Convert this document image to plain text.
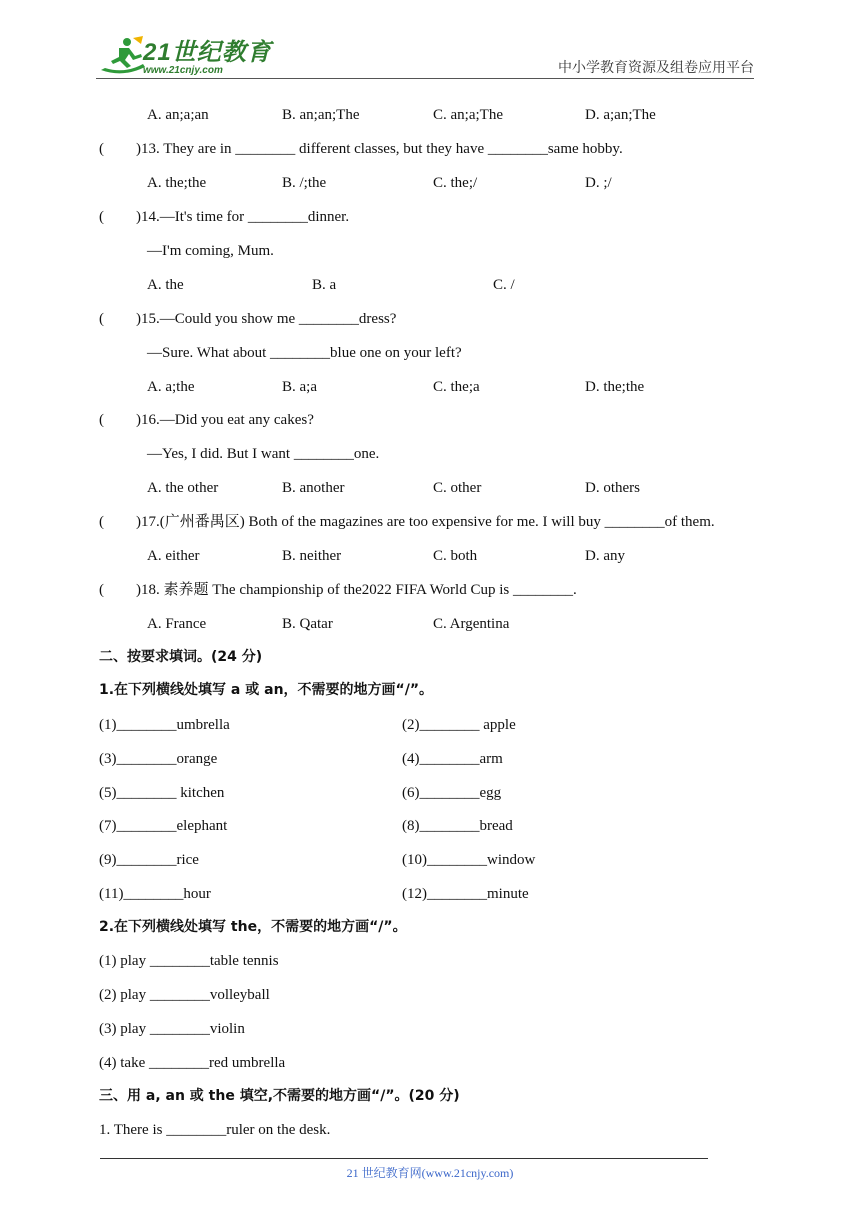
21世纪教育
www.21cnjy.com	中小学教育资源及组卷应用平台
A. an;a;an	B. an;an;The	C. an;a;The	D. a;an;The
( )13. They are in ________ different classes, but they have ________same hobby.
A. the;the	B. /;the	C. the;/	D. ;/
( )14.—It's time for ________dinner.
—I'm coming, Mum.
A. the	B. a	C. /
( )15.—Could you show me ________dress?
—Sure. What about ________blue one on your left?
A. a;the	B. a;a	C. the;a	D. the;the
( )16.—Did you eat any cakes?
—Yes, I did. But I want ________one.
A. the other	B. another	C. other	D. others
( )17.(广州番禺区) Both of the magazines are too expensive for me. I will buy ________of them.
A. either	B. neither	C. both	D. any
( )18. 素养题 The championship of the2022 FIFA World Cup is ________.
A. France	B. Qatar	C. Argentina
二、按要求填词。(24 分)
1.在下列横线处填写 a 或 an，不需要的地方画“/”。
(1)________umbrella	(2)________ apple
(3)________orange	(4)________arm
(5)________ kitchen	(6)________egg
(7)________elephant	(8)________bread
(9)________rice	(10)________window
(11)________hour	(12)________minute
2.在下列横线处填写 the，不需要的地方画“/”。
(1) play ________table tennis
(2) play ________volleyball
(3) play ________violin
(4) take ________red umbrella
三、用 a, an 或 the 填空,不需要的地方画“/”。(20 分)
1. There is ________ruler on the desk.
21 世纪教育网(www.21cnjy.com)
